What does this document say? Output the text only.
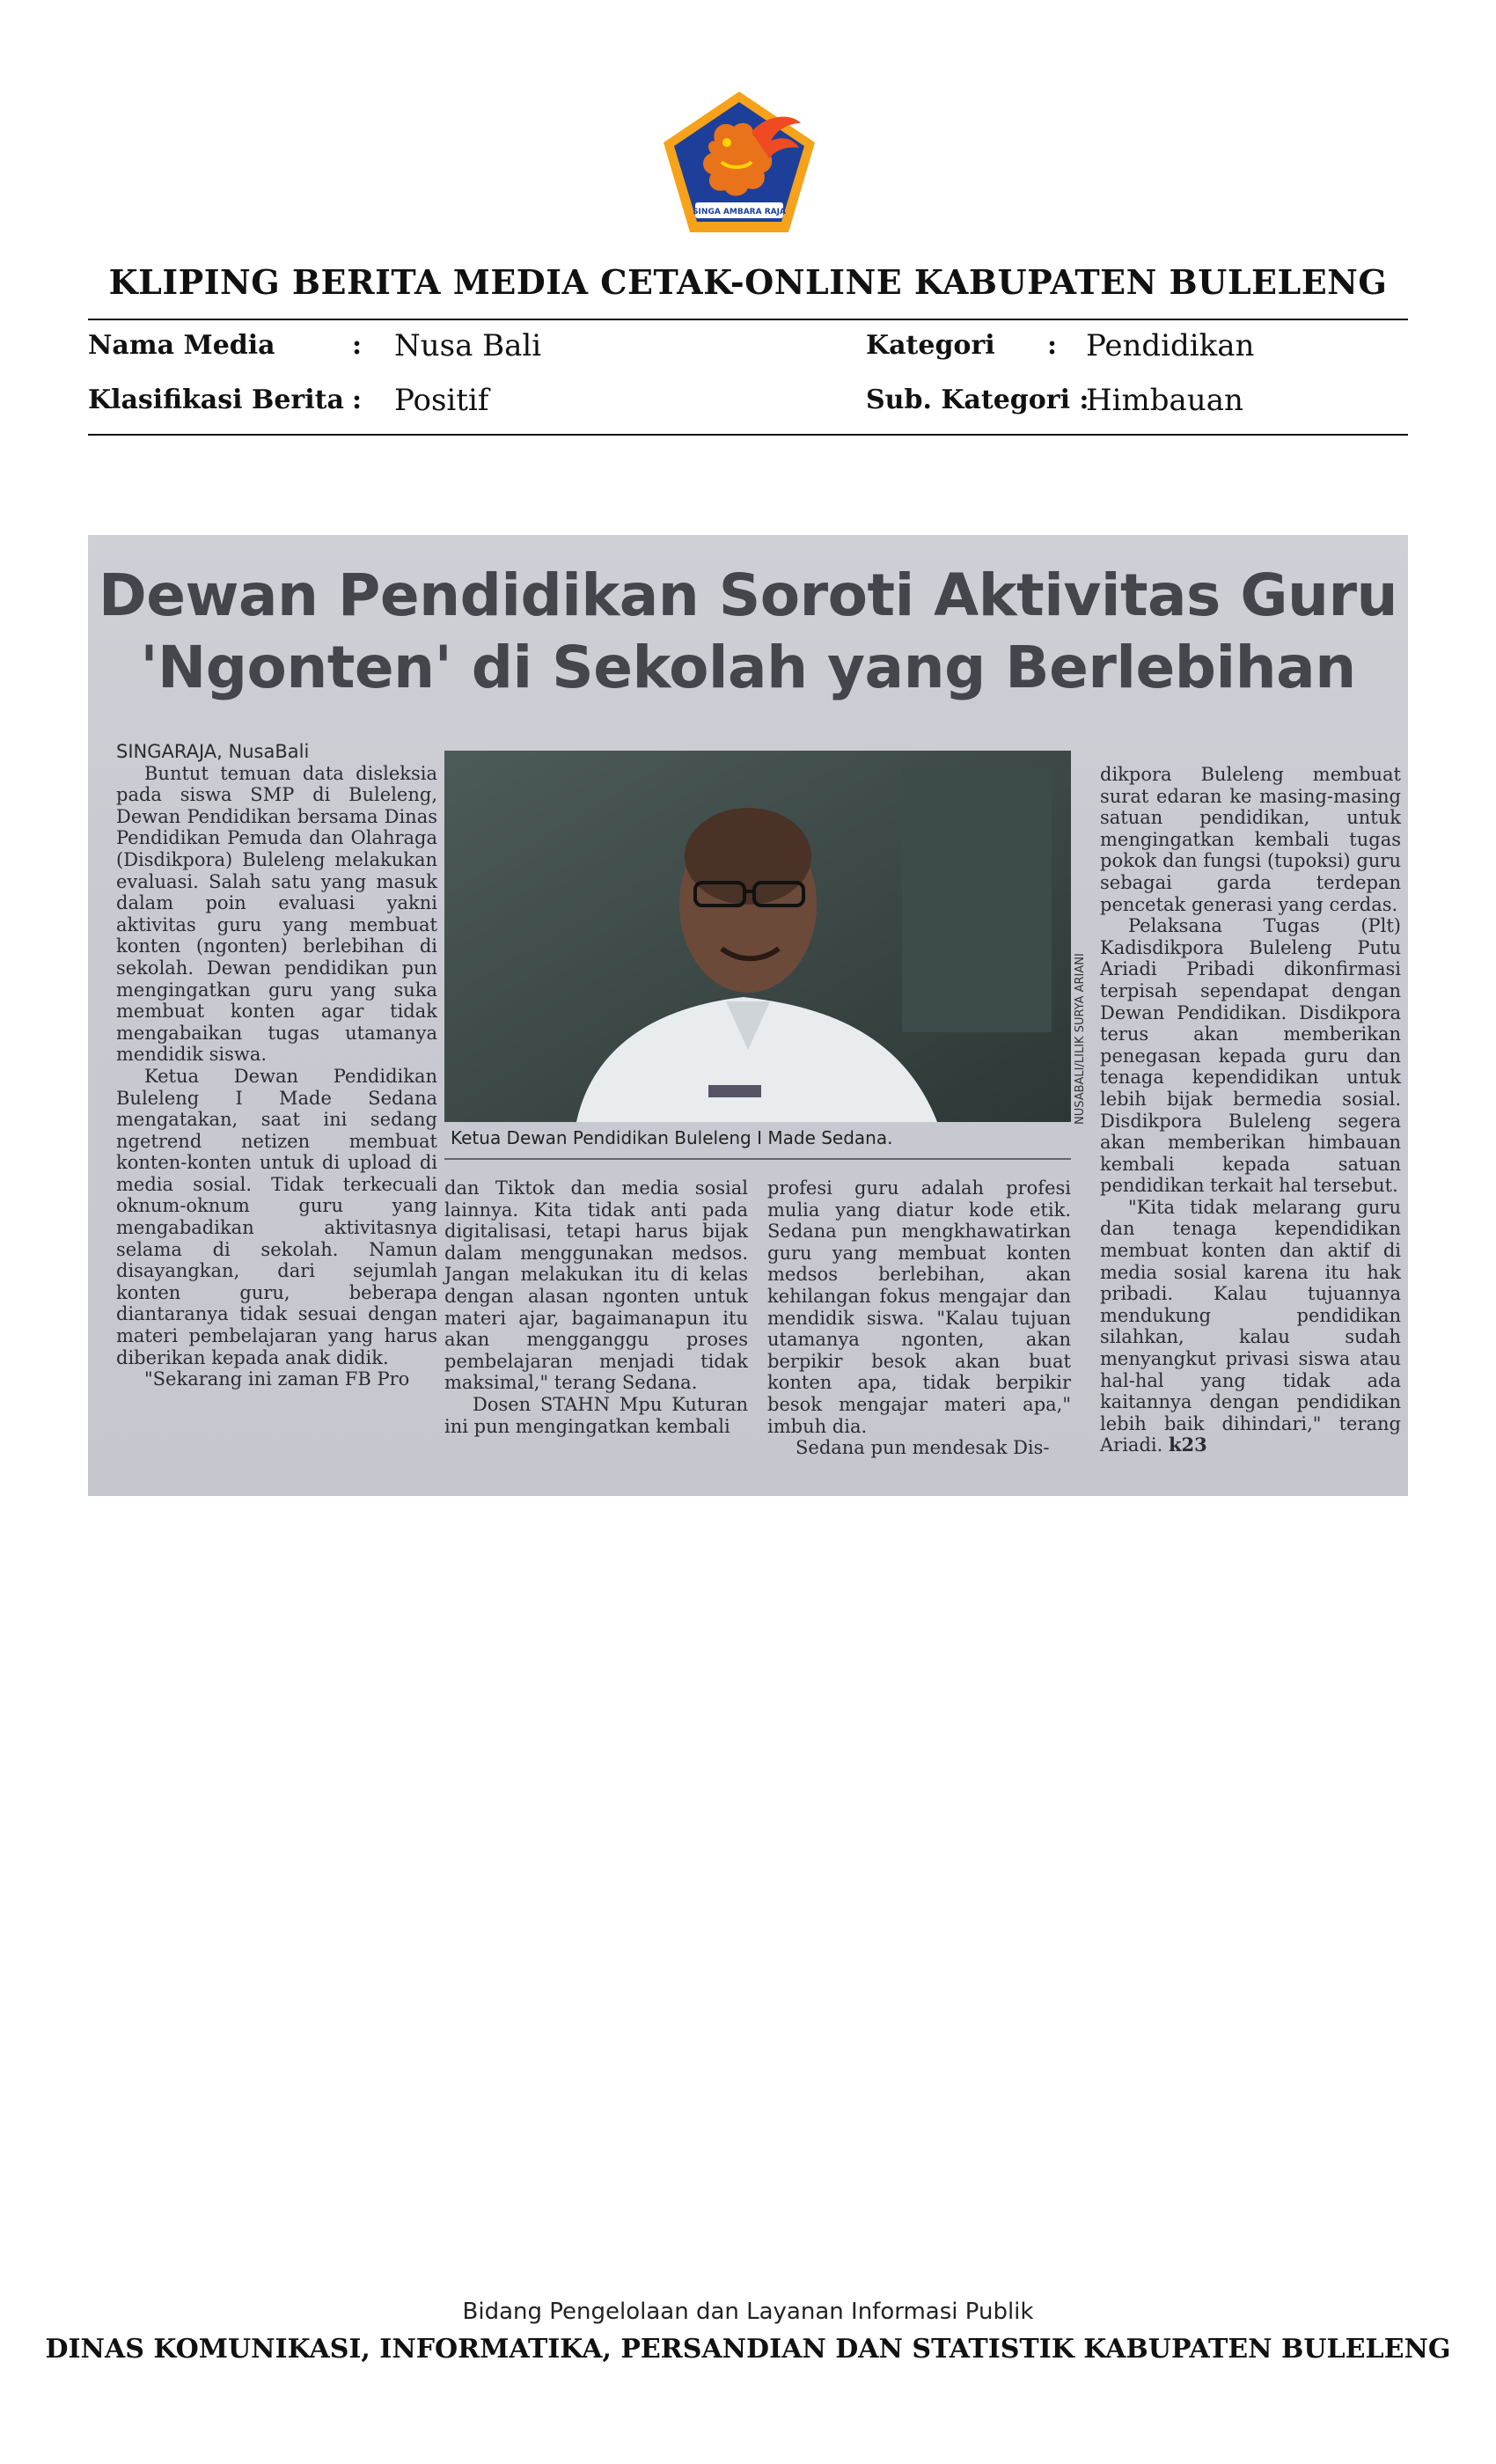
SINGA AMBARA RAJA
KLIPING BERITA MEDIA CETAK-ONLINE KABUPATEN BULELENG
Nama Media	: Nusa Bali
Klasifikasi Berita : Positif
Kategori : Pendidikan
Sub. Kategori :
Himbauan
Dewan Pendidikan Soroti Aktivitas Guru
'Ngonten' di Sekolah yang Berlebihan
SINGARAJA, NusaBali

Buntut temuan data disleksia pada siswa SMP di Buleleng, Dewan Pendidikan bersama Dinas Pendidikan Pemuda dan Olahraga (Disdikpora) Buleleng melakukan evaluasi. Salah satu yang masuk dalam poin evaluasi yakni aktivitas guru yang membuat konten (ngonten) berlebihan di sekolah. Dewan pendidikan pun mengingatkan guru yang suka membuat konten agar tidak mengabaikan tugas utamanya mendidik siswa.

Ketua Dewan Pendidikan Buleleng I Made Sedana mengatakan, saat ini sedang ngetrend netizen membuat konten-konten untuk di upload di media sosial. Tidak terkecuali oknum-oknum guru yang mengabadikan aktivitasnya selama di sekolah. Namun disayangkan, dari sejumlah konten guru, beberapa diantaranya tidak sesuai dengan materi pembelajaran yang harus diberikan kepada anak didik.

"Sekarang ini zaman FB Pro

NUSABALI/LILIK SURYA ARIANI
Ketua Dewan Pendidikan Buleleng I Made Sedana.

dan Tiktok dan media sosial lainnya. Kita tidak anti pada digitalisasi, tetapi harus bijak dalam menggunakan medsos. Jangan melakukan itu di kelas dengan alasan ngonten untuk materi ajar, bagaimanapun itu akan mengganggu proses pembelajaran menjadi tidak maksimal," terang Sedana.

Dosen STAHN Mpu Kuturan ini pun mengingatkan kembali

profesi guru adalah profesi mulia yang diatur kode etik. Sedana pun mengkhawatirkan guru yang membuat konten medsos berlebihan, akan kehilangan fokus mengajar dan mendidik siswa. "Kalau tujuan utamanya ngonten, akan berpikir besok akan buat konten apa, tidak berpikir besok mengajar materi apa," imbuh dia.

Sedana pun mendesak Dis-

dikpora Buleleng membuat surat edaran ke masing-masing satuan pendidikan, untuk mengingatkan kembali tugas pokok dan fungsi (tupoksi) guru sebagai garda terdepan pencetak generasi yang cerdas.

Pelaksana Tugas (Plt) Kadisdikpora Buleleng Putu Ariadi Pribadi dikonfirmasi terpisah sependapat dengan Dewan Pendidikan. Disdikpora terus akan memberikan penegasan kepada guru dan tenaga kependidikan untuk lebih bijak bermedia sosial. Disdikpora Buleleng segera akan memberikan himbauan kembali kepada satuan pendidikan terkait hal tersebut.

"Kita tidak melarang guru dan tenaga kependidikan membuat konten dan aktif di media sosial karena itu hak pribadi. Kalau tujuannya mendukung pendidikan silahkan, kalau sudah menyangkut privasi siswa atau hal-hal yang tidak ada kaitannya dengan pendidikan lebih baik dihindari," terang Ariadi. k23

Bidang Pengelolaan dan Layanan Informasi Publik
DINAS KOMUNIKASI, INFORMATIKA, PERSANDIAN DAN STATISTIK KABUPATEN BULELENG
